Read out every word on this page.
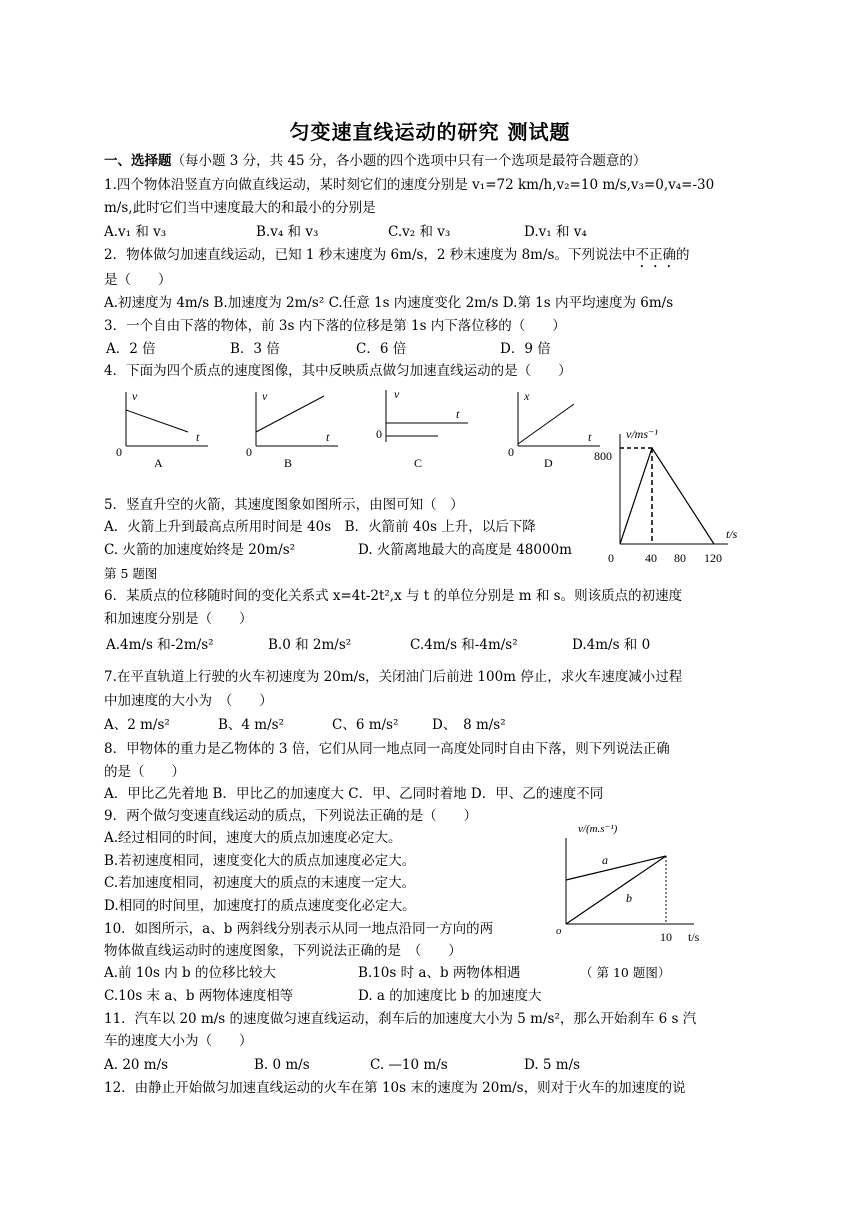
匀变速直线运动的研究 测试题
一、选择题（每小题 3 分，共 45 分，各小题的四个选项中只有一个选项是最符合题意的）
1.四个物体沿竖直方向做直线运动，某时刻它们的速度分别是 v₁=72 km/h,v₂=10 m/s,v₃=0,v₄=-30
m/s,此时它们当中速度最大的和最小的分别是
A.v₁ 和 v₃	B.v₄ 和 v₃	C.v₂ 和 v₃	D.v₁ 和 v₄
2．物体做匀加速直线运动，已知 1 秒末速度为 6m/s，2 秒末速度为 8m/s。下列说法中不正确的
是（　　）
A.初速度为 4m/s B.加速度为 2m/s² C.任意 1s 内速度变化 2m/s D.第 1s 内平均速度为 6m/s
3．一个自由下落的物体，前 3s 内下落的位移是第 1s 内下落位移的（　　）
A．2 倍	B．3 倍	C．6 倍	D．9 倍
4．下面为四个质点的速度图像，其中反映质点做匀加速直线运动的是（　　）
v
t
0
A
v
t
0
B
v
t
0
C
x
t
0
D
v/ms⁻¹
800
t/s
0	40 80 120
5．竖直升空的火箭，其速度图象如图所示，由图可知（　）
A．火箭上升到最高点所用时间是 40s　B．火箭前 40s 上升，以后下降
C. 火箭的加速度始终是 20m/s²	D. 火箭离地最大的高度是 48000m
第 5 题图
6．某质点的位移随时间的变化关系式 x=4t-2t²,x 与 t 的单位分别是 m 和 s。则该质点的初速度
和加速度分别是（　　）
A.4m/s 和-2m/s²	B.0 和 2m/s²	C.4m/s 和-4m/s²	D.4m/s 和 0
7.在平直轨道上行驶的火车初速度为 20m/s，关闭油门后前进 100m 停止，求火车速度减小过程
中加速度的大小为　（　　）
A、2 m/s²	B、4 m/s²	C、6 m/s² D、　8 m/s²
8．甲物体的重力是乙物体的 3 倍，它们从同一地点同一高度处同时自由下落，则下列说法正确
的是（　　）
A．甲比乙先着地 B．甲比乙的加速度大 C．甲、乙同时着地 D．甲、乙的速度不同
9．两个做匀变速直线运动的质点，下列说法正确的是（　　）
A.经过相同的时间，速度大的质点加速度必定大。
B.若初速度相同，速度变化大的质点加速度必定大。
C.若加速度相同，初速度大的质点的末速度一定大。
D.相同的时间里，加速度打的质点速度变化必定大。
v/(m.s⁻¹)
a
b
o	10 t/s
10．如图所示，a、b 两斜线分别表示从同一地点沿同一方向的两
物体做直线运动时的速度图象，下列说法正确的是　（　　）
A.前 10s 内 b 的位移比较大	B.10s 时 a、b 两物体相遇	（ 第 10 题图）
C.10s 末 a、b 两物体速度相等	D. a 的加速度比 b 的加速度大
11．汽车以 20 m/s 的速度做匀速直线运动，刹车后的加速度大小为 5 m/s²，那么开始刹车 6 s 汽
车的速度大小为（　　）
A. 20 m/s	B. 0 m/s	C. —10 m/s	D. 5 m/s
12．由静止开始做匀加速直线运动的火车在第 10s 末的速度为 20m/s，则对于火车的加速度的说
